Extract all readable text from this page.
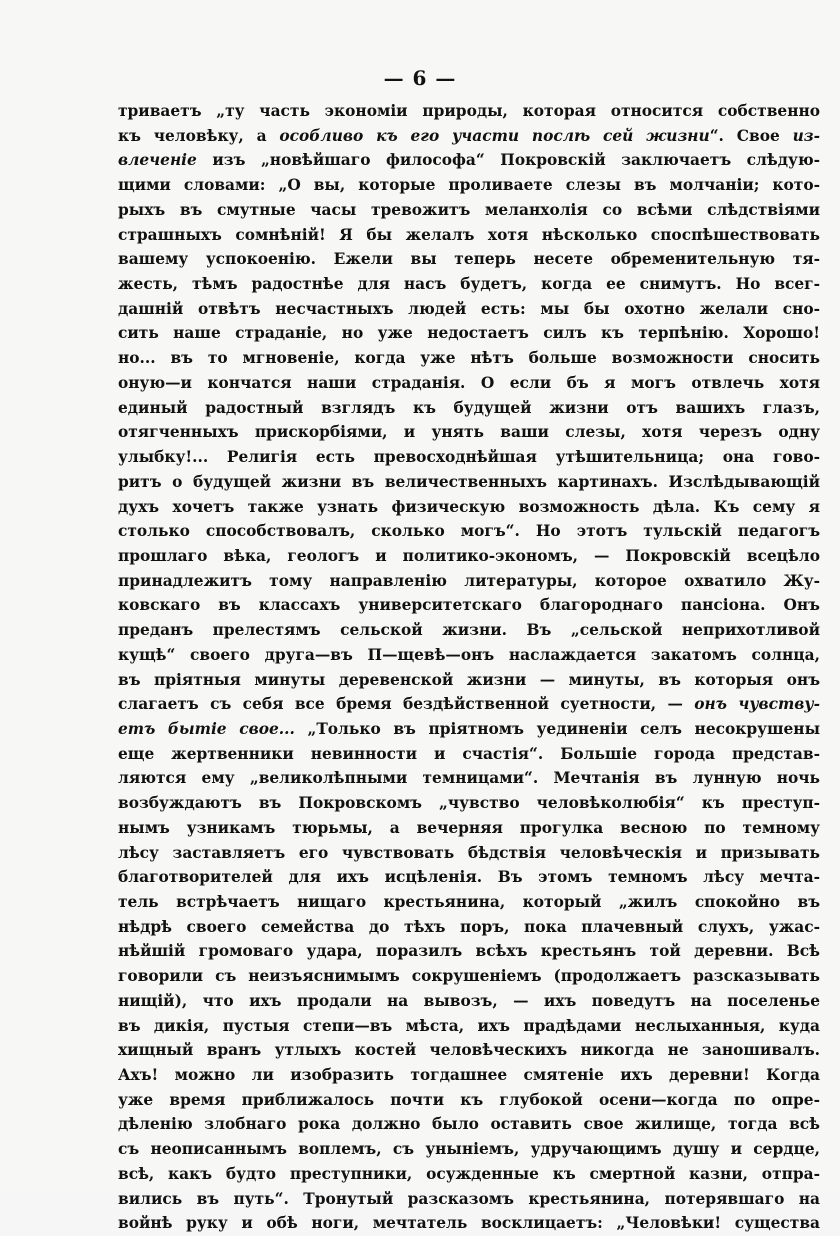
— 6 —
триваетъ „ту часть экономіи природы, которая относится собственно
къ человѣку, а особливо къ его участи послѣ сей жизни“. Свое из-
влеченіе изъ „новѣйшаго философа“ Покровскій заключаетъ слѣдую-
щими словами: „О вы, которые проливаете слезы въ молчаніи; кото-
рыхъ въ смутные часы тревожитъ меланхолія со всѣми слѣдствіями
страшныхъ сомнѣній! Я бы желалъ хотя нѣсколько споспѣшествовать
вашему успокоенію. Ежели вы теперь несете обременительную тя-
жесть, тѣмъ радостнѣе для насъ будетъ, когда ее снимутъ. Но всег-
дашній отвѣтъ несчастныхъ людей есть: мы бы охотно желали сно-
сить наше страданіе, но уже недостаетъ силъ къ терпѣнію. Хорошо!
но... въ то мгновеніе, когда уже нѣтъ больше возможности сносить
оную—и кончатся наши страданія. О если бъ я могъ отвлечь хотя
единый радостный взглядъ къ будущей жизни отъ вашихъ глазъ,
отягченныхъ прискорбіями, и унять ваши слезы, хотя черезъ одну
улыбку!... Религія есть превосходнѣйшая утѣшительница; она гово-
ритъ о будущей жизни въ величественныхъ картинахъ. Изслѣдывающій
духъ хочетъ также узнать физическую возможность дѣла. Къ сему я
столько способствовалъ, сколько могъ“. Но этотъ тульскій педагогъ
прошлаго вѣка, геологъ и политико-экономъ, — Покровскій всецѣло
принадлежитъ тому направленію литературы, которое охватило Жу-
ковскаго въ классахъ университетскаго благороднаго пансіона. Онъ
преданъ прелестямъ сельской жизни. Въ „сельской неприхотливой
кущѣ“ своего друга—въ П—щевѣ—онъ наслаждается закатомъ солнца,
въ пріятныя минуты деревенской жизни — минуты, въ которыя онъ
слагаетъ съ себя все бремя бездѣйственной суетности, — онъ чувству-
етъ бытіе свое... „Только въ пріятномъ уединеніи селъ несокрушены
еще жертвенники невинности и счастія“. Большіе города представ-
ляются ему „великолѣпными темницами“. Мечтанія въ лунную ночь
возбуждаютъ въ Покровскомъ „чувство человѣколюбія“ къ преступ-
нымъ узникамъ тюрьмы, а вечерняя прогулка весною по темному
лѣсу заставляетъ его чувствовать бѣдствія человѣческія и призывать
благотворителей для ихъ исцѣленія. Въ этомъ темномъ лѣсу мечта-
тель встрѣчаетъ нищаго крестьянина, который „жилъ спокойно въ
нѣдрѣ своего семейства до тѣхъ поръ, пока плачевный слухъ, ужас-
нѣйшій громоваго удара, поразилъ всѣхъ крестьянъ той деревни. Всѣ
говорили съ неизъяснимымъ сокрушеніемъ (продолжаетъ разсказывать
нищій), что ихъ продали на вывозъ, — ихъ поведутъ на поселенье
въ дикія, пустыя степи—въ мѣста, ихъ прадѣдами неслыханныя, куда
хищный вранъ утлыхъ костей человѣческихъ никогда не заношивалъ.
Ахъ! можно ли изобразить тогдашнее смятеніе ихъ деревни! Когда
уже время приближалось почти къ глубокой осени—когда по опре-
дѣленію злобнаго рока должно было оставить свое жилище, тогда всѣ
съ неописаннымъ воплемъ, съ унынiемъ, удручающимъ душу и сердце,
всѣ, какъ будто преступники, осужденные къ смертной казни, отпра-
вились въ путь“. Тронутый разсказомъ крестьянина, потерявшаго на
войнѣ руку и обѣ ноги, мечтатель восклицаетъ: „Человѣки! существа
